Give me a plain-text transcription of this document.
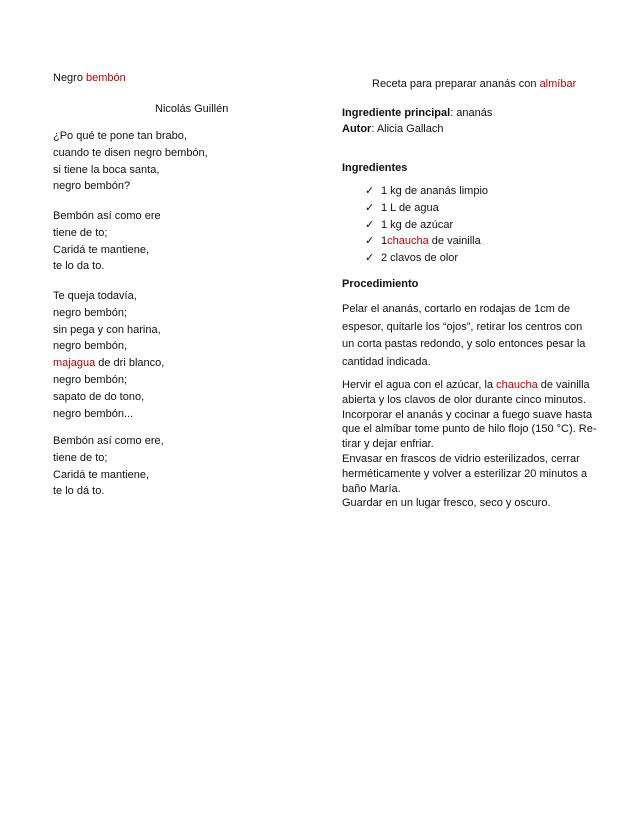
Negro bembón
Nicolás Guillén
¿Po qué te pone tan brabo,
cuando te disen negro bembón,
si tiene la boca santa,
negro bembón?
Bembón así como ere
tiene de to;
Caridá te mantiene,
te lo da to.
Te queja todavía,
negro bembón;
sin pega y con harina,
negro bembón,
majagua de dri blanco,
negro bembón;
sapato de do tono,
negro bembón...
Bembón así como ere,
tiene de to;
Caridá te mantiene,
te lo dá to.
Receta para preparar ananás con almíbar
Ingrediente principal: ananás
Autor: Alicia Gallach
Ingredientes
✓ 1 kg de ananás limpio
✓ 1 L de agua
✓ 1 kg de azúcar
✓ 1 chaucha
de vainilla
✓ 2 clavos de olor
Procedimiento
Pelar el ananás, cortarlo en rodajas de 1cm de espesor, quitarle los “ojos”, retirar los centros con un corta pastas redondo, y solo entonces pesar la cantidad indicada.
Hervir el agua con el azúcar, la chaucha de vainilla abierta y los clavos de olor durante cinco minutos. Incorporar el ananás y cocinar a fuego suave hasta que el almíbar tome punto de hilo flojo (150 °C). Re-tirar y dejar enfriar.
Envasar en frascos de vidrio esterilizados, cerrar herméticamente y volver a esterilizar 20 minutos a baño María.
Guardar en un lugar fresco, seco y oscuro.
